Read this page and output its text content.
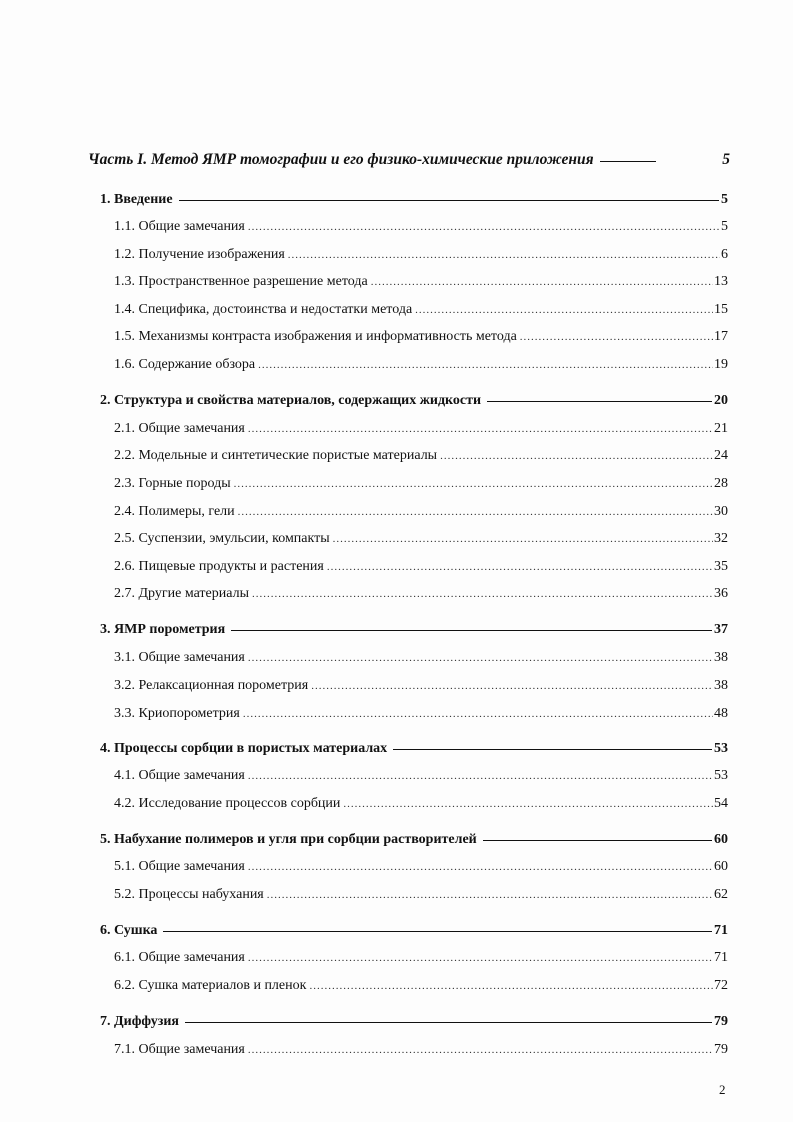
Часть I. Метод ЯМР томографии и его физико-химические приложения	5
1. Введение	5
1.1. Общие замечания .....	5
1.2. Получение изображения .....	6
1.3. Пространственное разрешение метода .....	13
1.4. Специфика, достоинства и недостатки метода .....	15
1.5. Механизмы контраста изображения и информативность метода .....	17
1.6. Содержание обзора .....	19
2. Структура и свойства материалов, содержащих жидкости	20
2.1. Общие замечания .....	21
2.2. Модельные и синтетические пористые материалы .....	24
2.3. Горные породы .....	28
2.4. Полимеры, гели .....	30
2.5. Суспензии, эмульсии, компакты .....	32
2.6. Пищевые продукты и растения .....	35
2.7. Другие материалы .....	36
3. ЯМР порометрия	37
3.1. Общие замечания .....	38
3.2. Релаксационная порометрия .....	38
3.3. Криопорометрия .....	48
4. Процессы сорбции в пористых материалах	53
4.1. Общие замечания .....	53
4.2. Исследование процессов сорбции .....	54
5. Набухание полимеров и угля при сорбции растворителей	60
5.1. Общие замечания .....	60
5.2. Процессы набухания .....	62
6. Сушка	71
6.1. Общие замечания .....	71
6.2. Сушка материалов и пленок .....	72
7. Диффузия	79
7.1. Общие замечания .....	79
2
